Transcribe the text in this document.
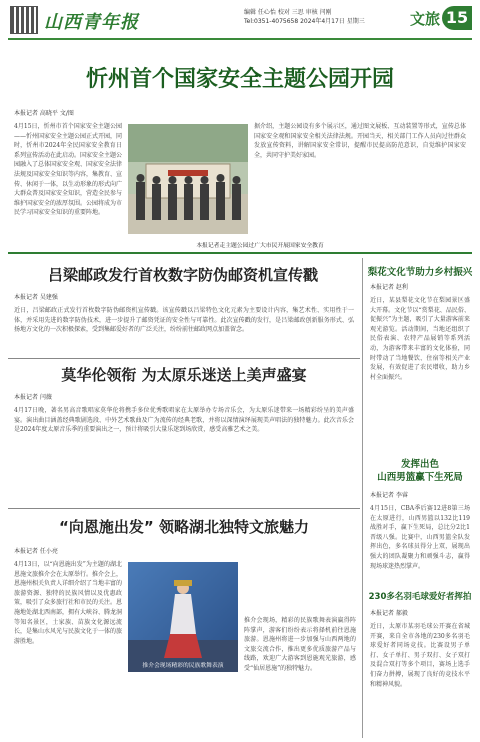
山西青年报	编辑 任心怡 校对 三思 审核 闫刚
Tel:0351-4075658 2024年4月17日 星期三	文旅 15
忻州首个国家安全主题公园开园
本报记者 高晓平 文/图
4月15日，忻州市首个国家安全主题公园——忻州国家安全主题公园正式开园，同时，忻州市2024年全民国家安全教育日系列宣传活动在此启动。国家安全主题公园融入了总体国家安全观、国家安全法律法规及国家安全知识等内容，集教育、宣传、休闲于一体，以生动形象的形式向广大群众普及国家安全知识，营造全民参与维护国家安全的浓厚氛围。公园将成为市民学习国家安全知识的重要阵地。
据介绍，主题公园设有多个展示区，通过图文展板、互动装置等形式，宣传总体国家安全观和国家安全相关法律法规。开园当天，相关部门工作人员向过往群众发放宣传资料，讲解国家安全常识，提醒市民提高防范意识，自觉维护国家安全，共同守护美好家园。
本报记者走主题公园过广大市民开展国家安全教育
吕梁邮政发行首枚数字防伪邮资机宣传戳
本报记者 吴建强
近日，吕梁邮政正式发行首枚数字防伪邮资机宣传戳。该宣传戳以吕梁特色文化元素为主要设计内容，集艺术性、实用性于一体，并采用先进的数字防伪技术，进一步提升了邮资凭证的安全性与可靠性。此次宣传戳的发行，是吕梁邮政创新服务形式、弘扬地方文化的一次积极探索，受到集邮爱好者的广泛关注，纷纷前往邮政网点加盖留念。
莫华伦领衔 为太原乐迷送上美声盛宴
本报记者 闫薇
4月17日晚，著名男高音歌唱家莫华伦将携手多位优秀歌唱家在太原举办专场音乐会，为太原乐迷带来一场精彩纷呈的美声盛宴。演出曲目涵盖经典歌剧选段、中外艺术歌曲及广为流传的经典老歌，并将以深情演绎展现美声唱法的独特魅力。此次音乐会是2024年度太原音乐季的重要演出之一，预计将吸引大量乐迷到场欣赏，感受高雅艺术之美。
“向恩施出发” 领略湖北独特文旅魅力
本报记者 任小亮
4月13日，以“向恩施出发”为主题的湖北恩施文旅推介会在太原举行。推介会上，恩施州相关负责人详细介绍了当地丰富的旅游资源、独特的民族风情以及优惠政策，吸引了众多旅行社和市民的关注。恩施地处湖北西南部，拥有大峡谷、腾龙洞等知名景区，土家族、苗族文化源远流长，是集山水风光与民族文化于一体的旅游胜地。
推介会现场精彩的民族歌舞表演
推介会现场，精彩的民族歌舞表演赢得阵阵掌声，游客们纷纷表示将择机前往恩施旅游。恩施州将进一步加强与山西两地的文旅交流合作，推出更多优质旅游产品与线路，欢迎广大游客到恩施观光旅游，感受“仙居恩施”的独特魅力。
梨花文化节助力乡村振兴
本报记者 赵利
近日，某县梨花文化节在梨园景区盛大开幕。文化节以“赏梨花、品民俗、促振兴”为主题，吸引了大量游客前来观光游览。活动期间，当地还组织了民俗表演、农特产品展销等系列活动，为游客带来丰富的文化体验，同时带动了当地餐饮、住宿等相关产业发展，有效促进了农民增收，助力乡村全面振兴。
发挥出色
山西男篮赢下生死局
本报记者 李睿
4月15日，CBA季后赛12进8第三场在太原进行，山西男篮以132比119战胜对手，赢下生死局，总比分2比1晋级八强。比赛中，山西男篮全队发挥出色，多名球员得分上双，展现出强大的团队凝聚力和顽强斗志，赢得现场球迷热烈掌声。
230多名羽毛球爱好者挥拍
本报记者 郝毅
近日，太原市某羽毛球公开赛在省城开赛，来自全市各地的230多名羽毛球爱好者同场竞技。比赛设男子单打、女子单打、男子双打、女子双打及混合双打等多个项目，赛场上选手们奋力拼搏，展现了良好的竞技水平和精神风貌。
